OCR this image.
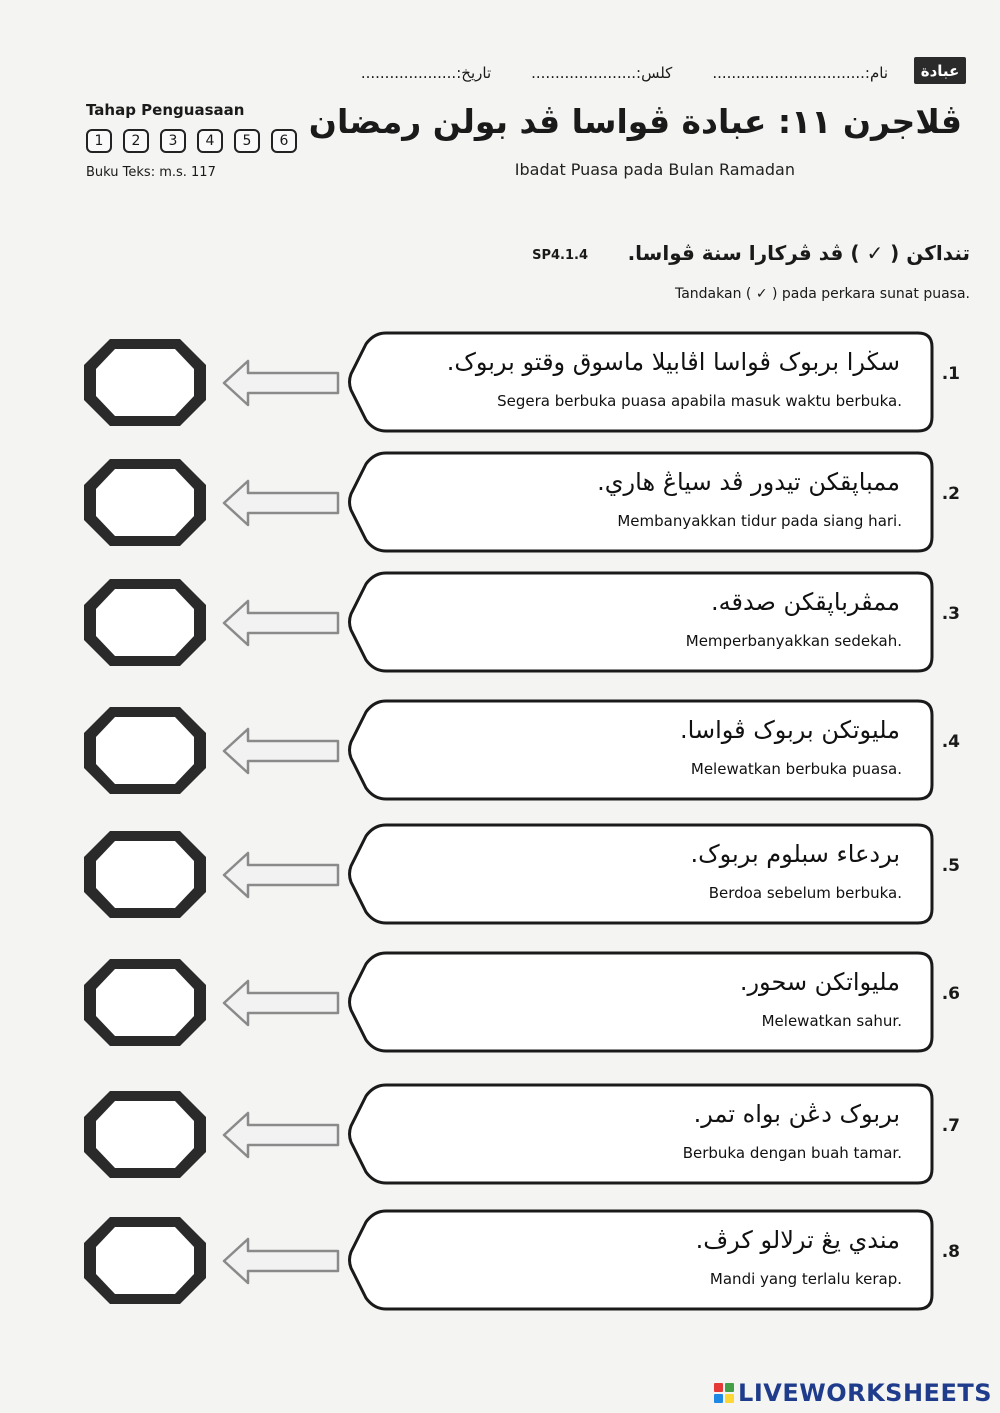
عبادة
نام:................................
كلس:......................
تاريخ:....................
ڤلاجرن ١١: عبادة ڤواسا ڤد بولن رمضان
Ibadat Puasa pada Bulan Ramadan
Tahap Penguasaan
1	2	3	4	5	6
Buku Teks: m.s. 117
تنداكن ( ✓ ) ڤد ڤركارا سنة ڤواسا.
SP4.1.4
Tandakan ( ✓ ) pada perkara sunat puasa.
سڬرا بربوک ڤواسا اڤابيلا ماسوق وقتو بربوک.
Segera berbuka puasa apabila masuk waktu berbuka.
.1
ممباپقکن تيدور ڤد سياڠ هاري.
Membanyakkan tidur pada siang hari.
.2
ممڤرباپقکن صدقه.
Memperbanyakkan sedekah.
.3
مليوتکن بربوک ڤواسا.
Melewatkan berbuka puasa.
.4
بردعاء سبلوم بربوک.
Berdoa sebelum berbuka.
.5
مليواتکن سحور.
Melewatkan sahur.
.6
بربوک دڠن بواه تمر.
Berbuka dengan buah tamar.
.7
مندي يڠ ترلالو کرڤ.
Mandi yang terlalu kerap.
.8
LIVEWORKSHEETS
